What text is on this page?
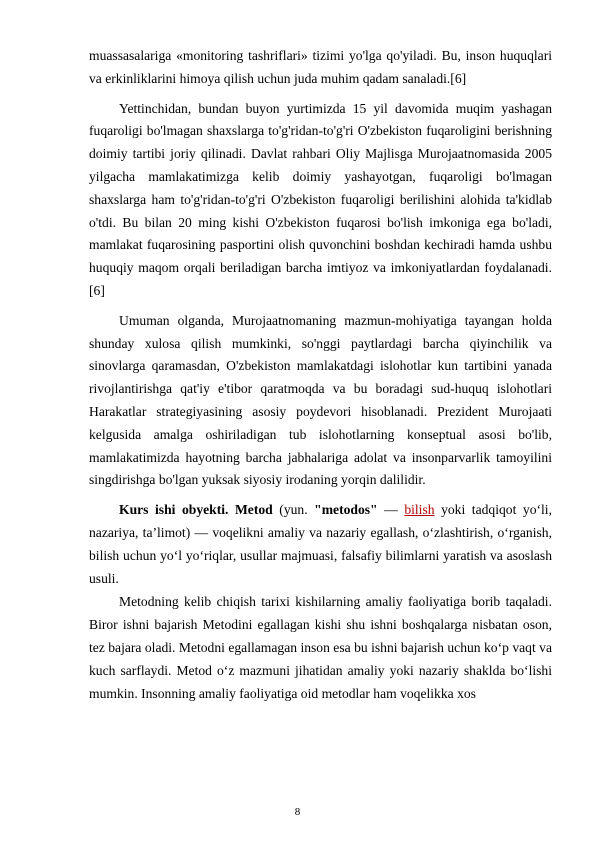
muassasalariga «monitoring tashriflari» tizimi yo'lga qo'yiladi. Bu, inson huquqlari va erkinliklarini himoya qilish uchun juda muhim qadam sanaladi.[6]

Yettinchidan, bundan buyon yurtimizda 15 yil davomida muqim yashagan fuqaroligi bo'lmagan shaxslarga to'g'ridan-to'g'ri O'zbekiston fuqaroligini berishning doimiy tartibi joriy qilinadi. Davlat rahbari Oliy Majlisga Murojaatnomasida 2005 yilgacha mamlakatimizga kelib doimiy yashayotgan, fuqaroligi bo'lmagan shaxslarga ham to'g'ridan-to'g'ri O'zbekiston fuqaroligi berilishini alohida ta'kidlab o'tdi. Bu bilan 20 ming kishi O'zbekiston fuqarosi bo'lish imkoniga ega bo'ladi, mamlakat fuqarosining pasportini olish quvonchini boshdan kechiradi hamda ushbu huquqiy maqom orqali beriladigan barcha imtiyoz va imkoniyatlardan foydalanadi.[6]

Umuman olganda, Murojaatnomaning mazmun-mohiyatiga tayangan holda shunday xulosa qilish mumkinki, so'nggi paytlardagi barcha qiyinchilik va sinovlarga qaramasdan, O'zbekiston mamlakatdagi islohotlar kun tartibini yanada rivojlantirishga qat'iy e'tibor qaratmoqda va bu boradagi sud-huquq islohotlari Harakatlar strategiyasining asosiy poydevori hisoblanadi. Prezident Murojaati kelgusida amalga oshiriladigan tub islohotlarning konseptual asosi bo'lib, mamlakatimizda hayotning barcha jabhalariga adolat va insonparvarlik tamoyilini singdirishga bo'lgan yuksak siyosiy irodaning yorqin dalilidir.

Kurs ishi obyekti. Metod (yun. "metodos" — bilish yoki tadqiqot yoʻli, nazariya, taʼlimot) — voqelikni amaliy va nazariy egallash, oʻzlashtirish, oʻrganish, bilish uchun yoʻl yoʻriqlar, usullar majmuasi, falsafiy bilimlarni yaratish va asoslash usuli.

Metodning kelib chiqish tarixi kishilarning amaliy faoliyatiga borib taqaladi. Biror ishni bajarish Metodini egallagan kishi shu ishni boshqalarga nisbatan oson, tez bajara oladi. Metodni egallamagan inson esa bu ishni bajarish uchun koʻp vaqt va kuch sarflaydi. Metod oʻz mazmuni jihatidan amaliy yoki nazariy shaklda boʻlishi mumkin. Insonning amaliy faoliyatiga oid metodlar ham voqelikka xos

8
